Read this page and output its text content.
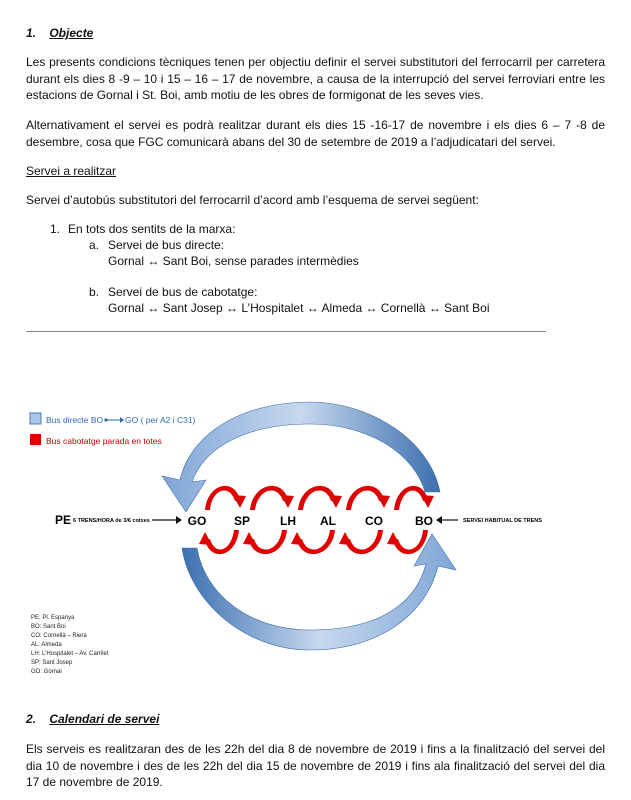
1. Objecte

Les presents condicions tècniques tenen per objectiu definir el servei substitutori del ferrocarril per carretera durant els dies 8 -9 – 10 i 15 – 16 – 17 de novembre, a causa de la interrupció del servei ferroviari entre les estacions de Gornal i St. Boi, amb motiu de les obres de formigonat de les seves vies.

Alternativament el servei es podrà realitzar durant els dies 15 -16-17 de novembre i els dies 6 – 7 -8 de desembre, cosa que FGC comunicarà abans del 30 de setembre de 2019 a l’adjudicatari del servei.

Servei a realitzar
Servei d’autobús substitutori del ferrocarril d’acord amb l’esquema de servei següent:
1. En tots dos sentits de la marxa:
a. Servei de bus directe:
Gornal ↔ Sant Boi, sense parades intermèdies
b. Servei de bus de cabotatge:
Gornal ↔ Sant Josep ↔ L’Hospitalet ↔ Almeda ↔ Cornellà ↔ Sant Boi
Bus directe BO	GO ( per A2 i C31)
Bus cabotatge parada en totes
PE 6 TRENS/HORA de 3/6 cotxes	GO SP LH AL CO	BO	SERVEI HABITUAL DE TRENS
PE: Pl. Espanya
BO: Sant Boi
CO: Cornellà – Riera
AL: Almeda
LH: L’Hospitalet – Av. Carrilet
SP: Sant Josep
GO: Gornal
2. Calendari de servei

Els serveis es realitzaran des de les 22h del dia 8 de novembre de 2019 i fins a la finalització del servei del dia 10 de novembre i des de les 22h del dia 15 de novembre de 2019 i fins ala finalització del servei del dia 17 de novembre de 2019.
